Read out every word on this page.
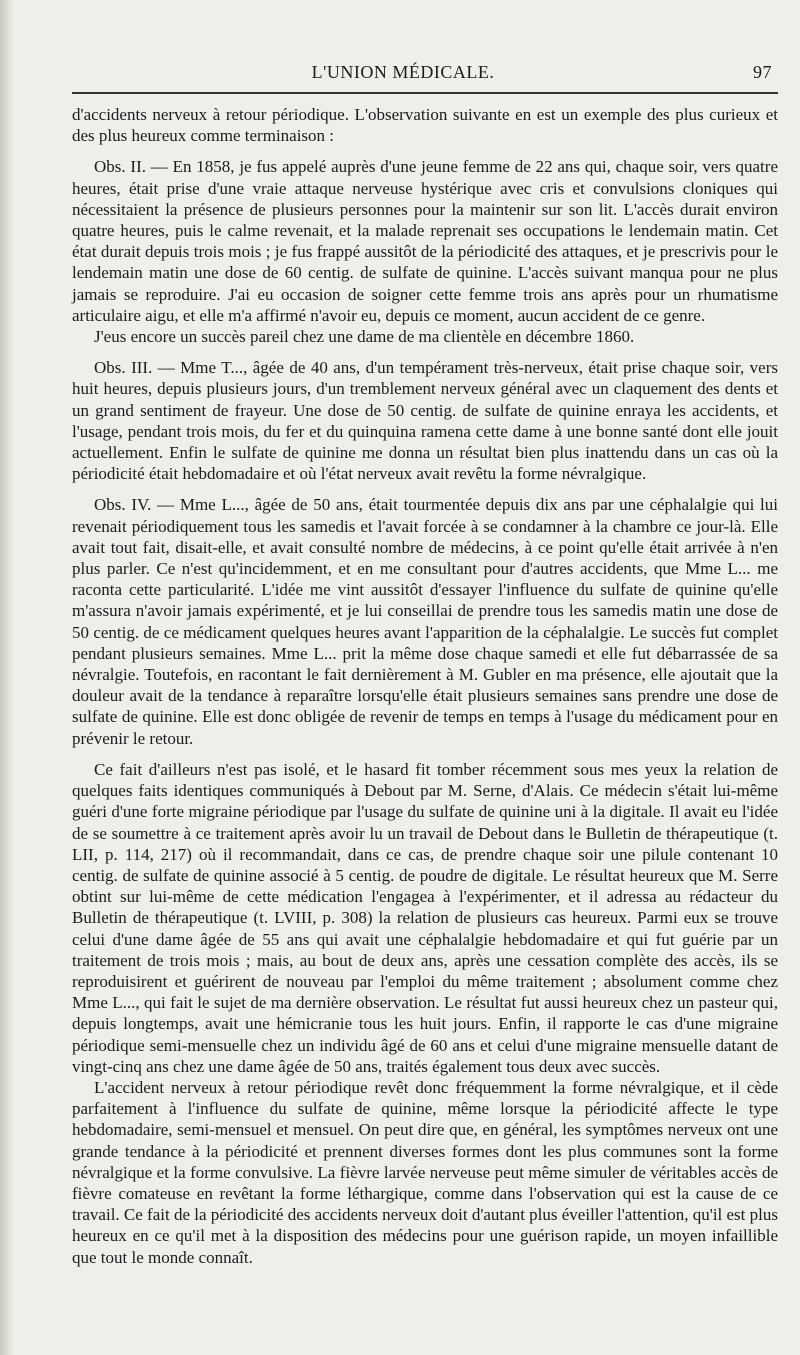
L'UNION MÉDICALE.	97

d'accidents nerveux à retour périodique. L'observation suivante en est un exemple des plus curieux et des plus heureux comme terminaison :

Obs. II. — En 1858, je fus appelé auprès d'une jeune femme de 22 ans qui, chaque soir, vers quatre heures, était prise d'une vraie attaque nerveuse hystérique avec cris et convulsions cloniques qui nécessitaient la présence de plusieurs personnes pour la maintenir sur son lit. L'accès durait environ quatre heures, puis le calme revenait, et la malade reprenait ses occupations le lendemain matin. Cet état durait depuis trois mois ; je fus frappé aussitôt de la périodicité des attaques, et je prescrivis pour le lendemain matin une dose de 60 centig. de sulfate de quinine. L'accès suivant manqua pour ne plus jamais se reproduire. J'ai eu occasion de soigner cette femme trois ans après pour un rhumatisme articulaire aigu, et elle m'a affirmé n'avoir eu, depuis ce moment, aucun accident de ce genre.

J'eus encore un succès pareil chez une dame de ma clientèle en décembre 1860.

Obs. III. — Mme T..., âgée de 40 ans, d'un tempérament très-nerveux, était prise chaque soir, vers huit heures, depuis plusieurs jours, d'un tremblement nerveux général avec un claquement des dents et un grand sentiment de frayeur. Une dose de 50 centig. de sulfate de quinine enraya les accidents, et l'usage, pendant trois mois, du fer et du quinquina ramena cette dame à une bonne santé dont elle jouit actuellement. Enfin le sulfate de quinine me donna un résultat bien plus inattendu dans un cas où la périodicité était hebdomadaire et où l'état nerveux avait revêtu la forme névralgique.

Obs. IV. — Mme L..., âgée de 50 ans, était tourmentée depuis dix ans par une céphalalgie qui lui revenait périodiquement tous les samedis et l'avait forcée à se condamner à la chambre ce jour-là. Elle avait tout fait, disait-elle, et avait consulté nombre de médecins, à ce point qu'elle était arrivée à n'en plus parler. Ce n'est qu'incidemment, et en me consultant pour d'autres accidents, que Mme L... me raconta cette particularité. L'idée me vint aussitôt d'essayer l'influence du sulfate de quinine qu'elle m'assura n'avoir jamais expérimenté, et je lui conseillai de prendre tous les samedis matin une dose de 50 centig. de ce médicament quelques heures avant l'apparition de la céphalalgie. Le succès fut complet pendant plusieurs semaines. Mme L... prit la même dose chaque samedi et elle fut débarrassée de sa névralgie. Toutefois, en racontant le fait dernièrement à M. Gubler en ma présence, elle ajoutait que la douleur avait de la tendance à reparaître lorsqu'elle était plusieurs semaines sans prendre une dose de sulfate de quinine. Elle est donc obligée de revenir de temps en temps à l'usage du médicament pour en prévenir le retour.

Ce fait d'ailleurs n'est pas isolé, et le hasard fit tomber récemment sous mes yeux la relation de quelques faits identiques communiqués à Debout par M. Serne, d'Alais. Ce médecin s'était lui-même guéri d'une forte migraine périodique par l'usage du sulfate de quinine uni à la digitale. Il avait eu l'idée de se soumettre à ce traitement après avoir lu un travail de Debout dans le Bulletin de thérapeutique (t. LII, p. 114, 217) où il recommandait, dans ce cas, de prendre chaque soir une pilule contenant 10 centig. de sulfate de quinine associé à 5 centig. de poudre de digitale. Le résultat heureux que M. Serre obtint sur lui-même de cette médication l'engagea à l'expérimenter, et il adressa au rédacteur du Bulletin de thérapeutique (t. LVIII, p. 308) la relation de plusieurs cas heureux. Parmi eux se trouve celui d'une dame âgée de 55 ans qui avait une céphalalgie hebdomadaire et qui fut guérie par un traitement de trois mois ; mais, au bout de deux ans, après une cessation complète des accès, ils se reproduisirent et guérirent de nouveau par l'emploi du même traitement ; absolument comme chez Mme L..., qui fait le sujet de ma dernière observation. Le résultat fut aussi heureux chez un pasteur qui, depuis longtemps, avait une hémicranie tous les huit jours. Enfin, il rapporte le cas d'une migraine périodique semi-mensuelle chez un individu âgé de 60 ans et celui d'une migraine mensuelle datant de vingt-cinq ans chez une dame âgée de 50 ans, traités également tous deux avec succès.

L'accident nerveux à retour périodique revêt donc fréquemment la forme névralgique, et il cède parfaitement à l'influence du sulfate de quinine, même lorsque la périodicité affecte le type hebdomadaire, semi-mensuel et mensuel. On peut dire que, en général, les symptômes nerveux ont une grande tendance à la périodicité et prennent diverses formes dont les plus communes sont la forme névralgique et la forme convulsive. La fièvre larvée nerveuse peut même simuler de véritables accès de fièvre comateuse en revêtant la forme léthargique, comme dans l'observation qui est la cause de ce travail. Ce fait de la périodicité des accidents nerveux doit d'autant plus éveiller l'attention, qu'il est plus heureux en ce qu'il met à la disposition des médecins pour une guérison rapide, un moyen infaillible que tout le monde connaît.
